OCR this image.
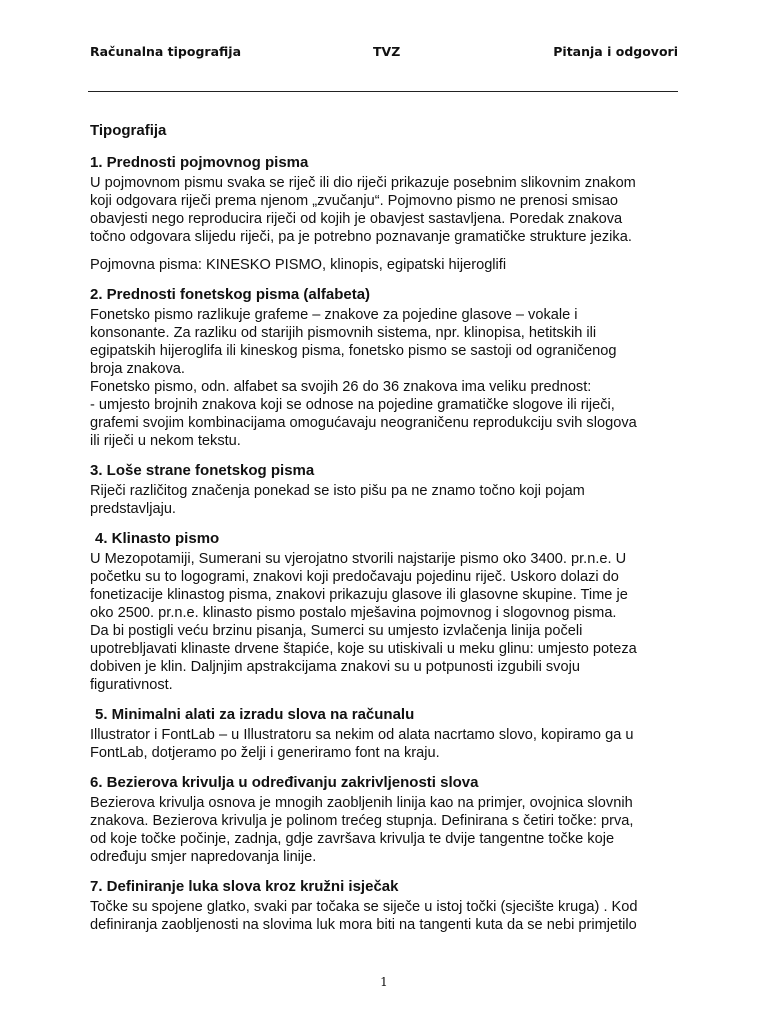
Računalna tipografija	TVZ	Pitanja i odgovori
Tipografija
1. Prednosti pojmovnog pisma

U pojmovnom pismu svaka se riječ ili dio riječi prikazuje posebnim slikovnim znakom
koji odgovara riječi prema njenom „zvučanju“. Pojmovno pismo ne prenosi smisao
obavjesti nego reproducira riječi od kojih je obavjest sastavljena. Poredak znakova
točno odgovara slijedu riječi, pa je potrebno poznavanje gramatičke strukture jezika.

Pojmovna pisma: KINESKO PISMO, klinopis, egipatski hijeroglifi

2. Prednosti fonetskog pisma (alfabeta)

Fonetsko pismo razlikuje grafeme – znakove za pojedine glasove – vokale i
konsonante. Za razliku od starijih pismovnih sistema, npr. klinopisa, hetitskih ili
egipatskih hijeroglifa ili kineskog pisma, fonetsko pismo se sastoji od ograničenog
broja znakova.
Fonetsko pismo, odn. alfabet sa svojih 26 do 36 znakova ima veliku prednost:
- umjesto brojnih znakova koji se odnose na pojedine gramatičke slogove ili riječi,
grafemi svojim kombinacijama omogućavaju neograničenu reprodukciju svih slogova
ili riječi u nekom tekstu.

3. Loše strane fonetskog pisma

Riječi različitog značenja ponekad se isto pišu pa ne znamo točno koji pojam
predstavljaju.

4. Klinasto pismo

U Mezopotamiji, Sumerani su vjerojatno stvorili najstarije pismo oko 3400. pr.n.e. U
početku su to logogrami, znakovi koji predočavaju pojedinu riječ. Uskoro dolazi do
fonetizacije klinastog pisma, znakovi prikazuju glasove ili glasovne skupine. Time je
oko 2500. pr.n.e. klinasto pismo postalo mješavina pojmovnog i slogovnog pisma.
Da bi postigli veću brzinu pisanja, Sumerci su umjesto izvlačenja linija počeli
upotrebljavati klinaste drvene štapiće, koje su utiskivali u meku glinu: umjesto poteza
dobiven je klin. Daljnjim apstrakcijama znakovi su u potpunosti izgubili svoju
figurativnost.

5. Minimalni alati za izradu slova na računalu

Illustrator i FontLab – u Illustratoru sa nekim od alata nacrtamo slovo, kopiramo ga u
FontLab, dotjeramo po želji i generiramo font na kraju.

6. Bezierova krivulja u određivanju zakrivljenosti slova

Bezierova krivulja osnova je mnogih zaobljenih linija kao na primjer, ovojnica slovnih
znakova. Bezierova krivulja je polinom trećeg stupnja. Definirana s četiri točke: prva,
od koje točke počinje, zadnja, gdje završava krivulja te dvije tangentne točke koje
određuju smjer napredovanja linije.

7. Definiranje luka slova kroz kružni isječak

Točke su spojene glatko, svaki par točaka se siječe u istoj točki (sjecište kruga) . Kod
definiranja zaobljenosti na slovima luk mora biti na tangenti kuta da se nebi primjetilo

1
